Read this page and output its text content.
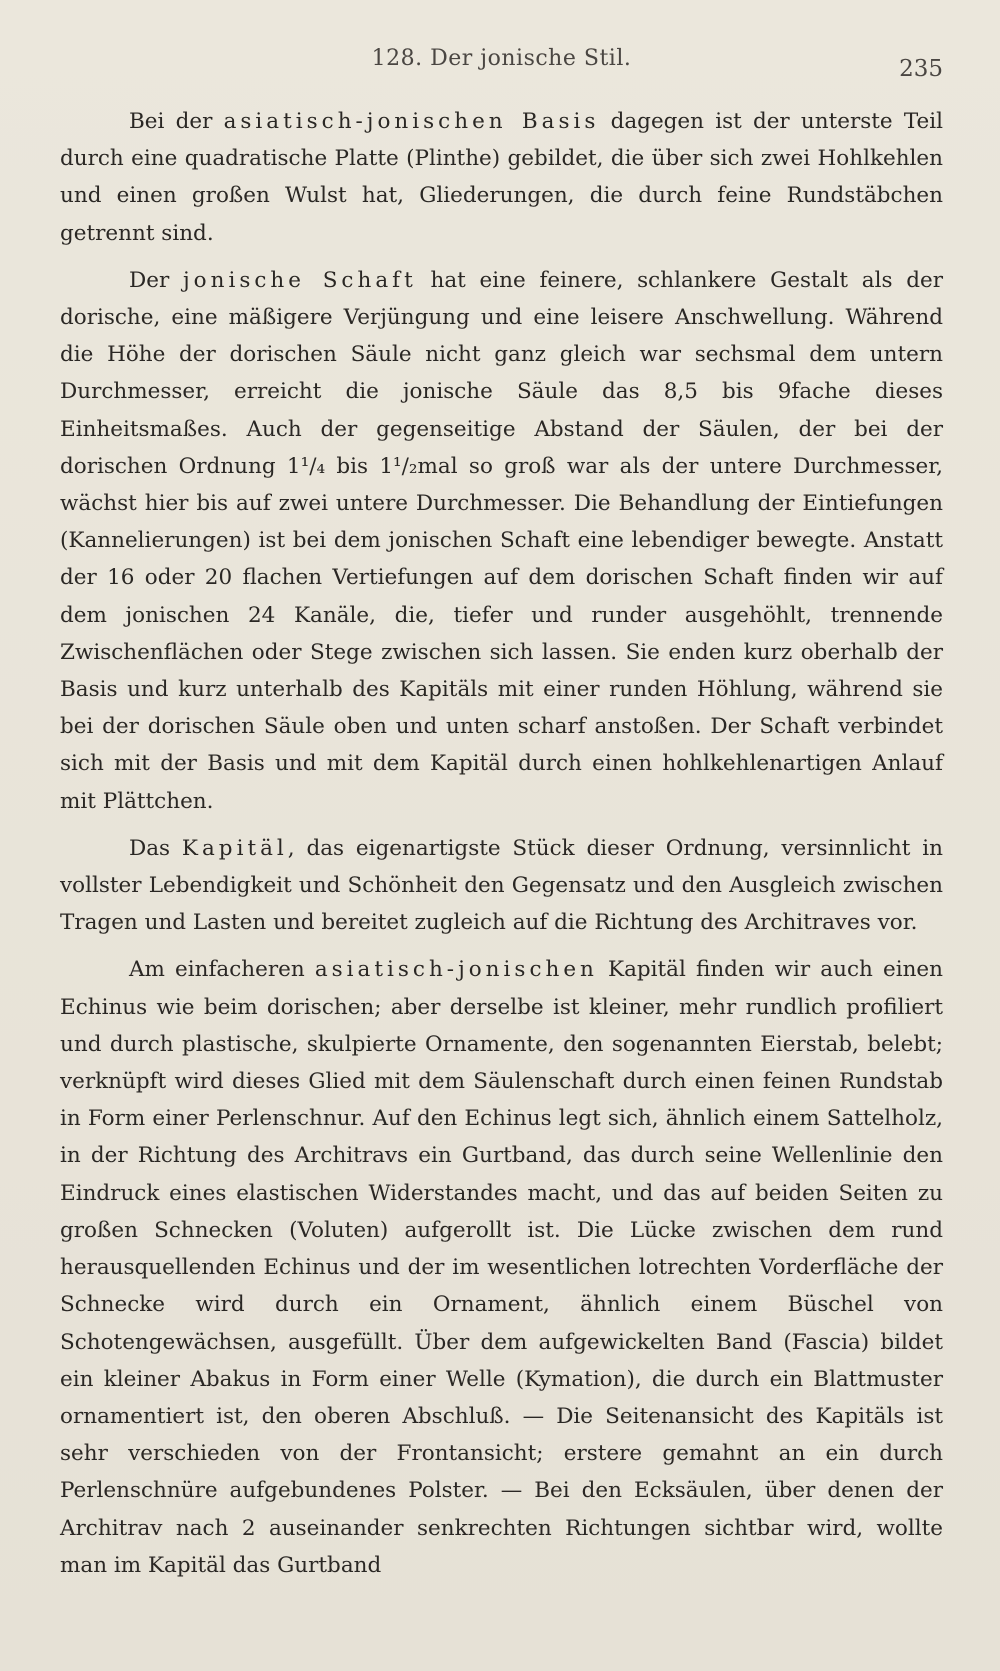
128. Der jonische Stil.	235

Bei der asiatisch-jonischen Basis dagegen ist der unterste Teil durch eine quadratische Platte (Plinthe) gebildet, die über sich zwei Hohlkehlen und einen großen Wulst hat, Gliederungen, die durch feine Rundstäbchen getrennt sind.

Der jonische Schaft hat eine feinere, schlankere Gestalt als der dorische, eine mäßigere Verjüngung und eine leisere Anschwellung. Während die Höhe der dorischen Säule nicht ganz gleich war sechsmal dem untern Durchmesser, erreicht die jonische Säule das 8,5 bis 9fache dieses Einheitsmaßes. Auch der gegenseitige Abstand der Säulen, der bei der dorischen Ordnung 1¹/₄ bis 1¹/₂mal so groß war als der untere Durchmesser, wächst hier bis auf zwei untere Durchmesser. Die Behandlung der Eintiefungen (Kannelierungen) ist bei dem jonischen Schaft eine lebendiger bewegte. Anstatt der 16 oder 20 flachen Vertiefungen auf dem dorischen Schaft finden wir auf dem jonischen 24 Kanäle, die, tiefer und runder ausgehöhlt, trennende Zwischenflächen oder Stege zwischen sich lassen. Sie enden kurz oberhalb der Basis und kurz unterhalb des Kapitäls mit einer runden Höhlung, während sie bei der dorischen Säule oben und unten scharf anstoßen. Der Schaft verbindet sich mit der Basis und mit dem Kapitäl durch einen hohlkehlenartigen Anlauf mit Plättchen.

Das Kapitäl, das eigenartigste Stück dieser Ordnung, versinnlicht in vollster Lebendigkeit und Schönheit den Gegensatz und den Ausgleich zwischen Tragen und Lasten und bereitet zugleich auf die Richtung des Architraves vor.

Am einfacheren asiatisch-jonischen Kapitäl finden wir auch einen Echinus wie beim dorischen; aber derselbe ist kleiner, mehr rundlich profiliert und durch plastische, skulpierte Ornamente, den sogenannten Eierstab, belebt; verknüpft wird dieses Glied mit dem Säulenschaft durch einen feinen Rundstab in Form einer Perlenschnur. Auf den Echinus legt sich, ähnlich einem Sattelholz, in der Richtung des Architravs ein Gurtband, das durch seine Wellenlinie den Eindruck eines elastischen Widerstandes macht, und das auf beiden Seiten zu großen Schnecken (Voluten) aufgerollt ist. Die Lücke zwischen dem rund herausquellenden Echinus und der im wesentlichen lotrechten Vorderfläche der Schnecke wird durch ein Ornament, ähnlich einem Büschel von Schotengewächsen, ausgefüllt. Über dem aufgewickelten Band (Fascia) bildet ein kleiner Abakus in Form einer Welle (Kymation), die durch ein Blattmuster ornamentiert ist, den oberen Abschluß. — Die Seitenansicht des Kapitäls ist sehr verschieden von der Frontansicht; erstere gemahnt an ein durch Perlenschnüre aufgebundenes Polster. — Bei den Ecksäulen, über denen der Architrav nach 2 auseinander senkrechten Richtungen sichtbar wird, wollte man im Kapitäl das Gurtband
